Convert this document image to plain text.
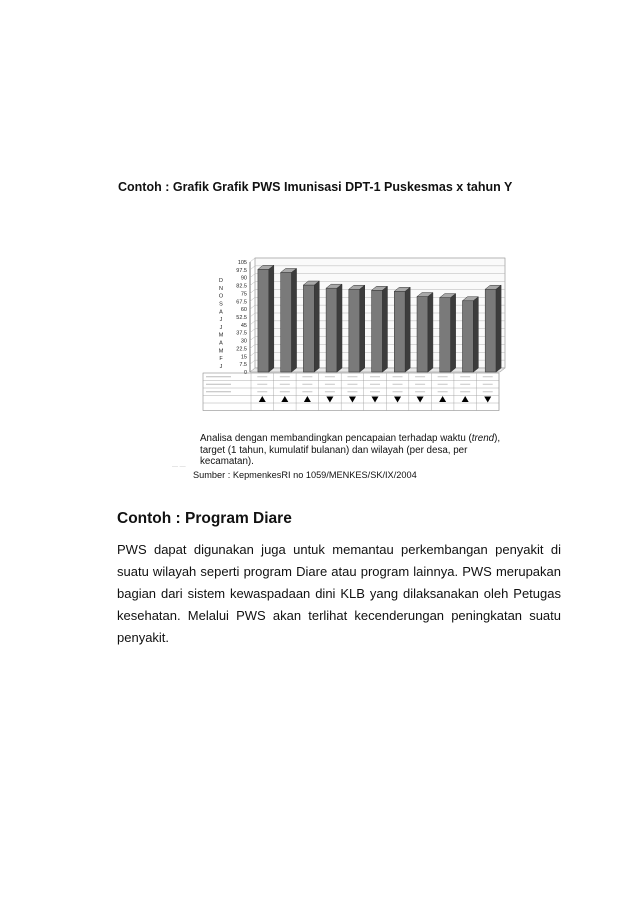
Contoh : Grafik Grafik PWS Imunisasi DPT-1 Puskesmas x tahun Y
0
7.5
15
22.5
30
37.5
45
52.5
60
67.5
75
82.5
90
97.5
105
D
N
O
S
A
J
J
M
A
M
F
J
Analisa dengan membandingkan pencapaian terhadap waktu (trend), target (1 tahun, kumulatif bulanan) dan wilayah (per desa, per kecamatan).
— —
Sumber : KepmenkesRI no 1059/MENKES/SK/IX/2004
Contoh : Program Diare

PWS dapat digunakan juga untuk memantau perkembangan penyakit di suatu wilayah seperti program Diare atau program lainnya. PWS merupakan bagian dari sistem kewaspadaan dini KLB yang dilaksanakan oleh Petugas kesehatan. Melalui PWS akan terlihat kecenderungan peningkatan suatu penyakit.
